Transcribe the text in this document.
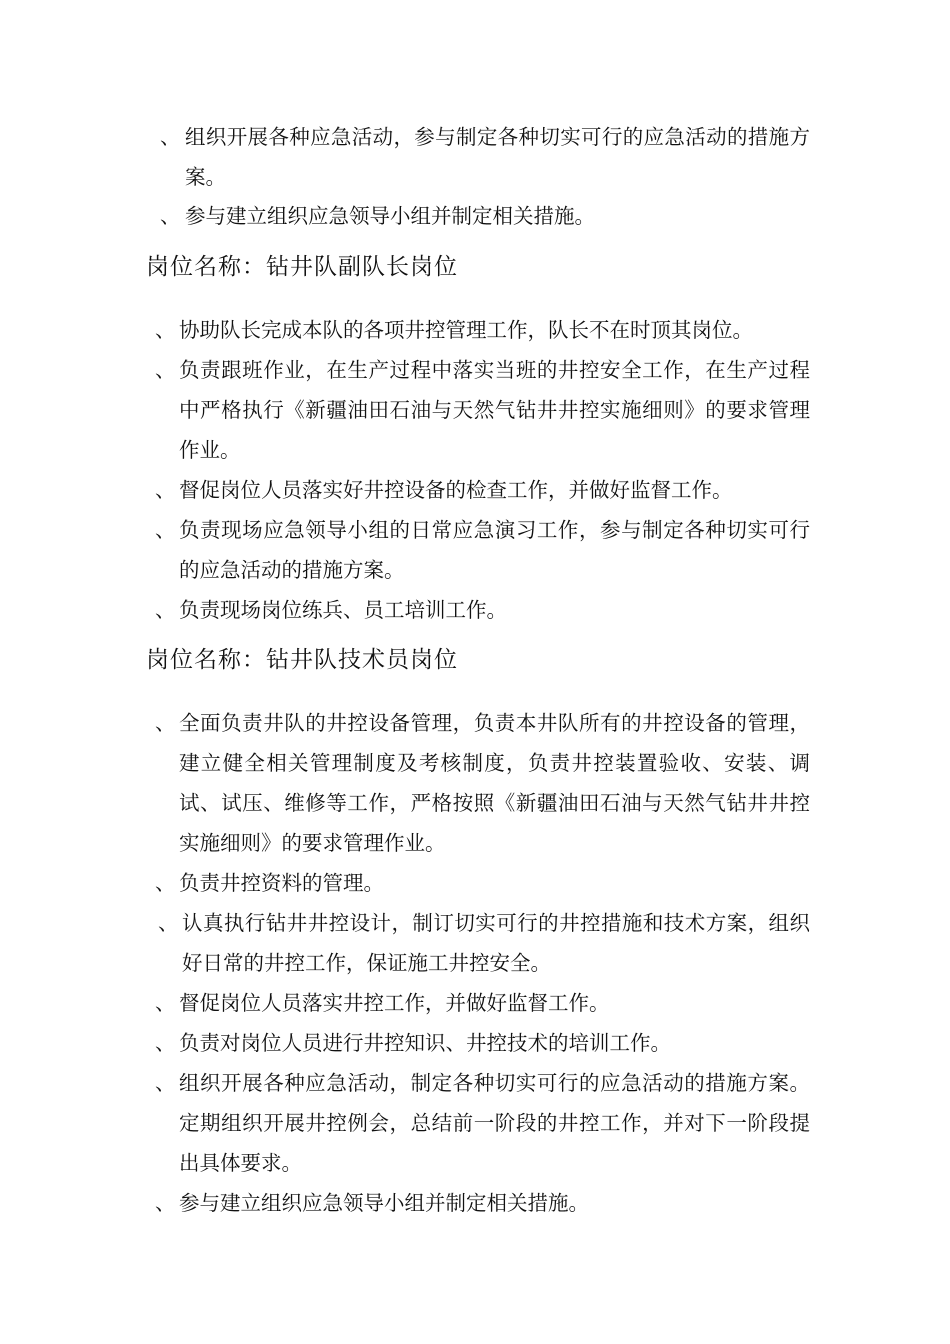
、 组织开展各种应急活动，参与制定各种切实可行的应急活动的措施方案。
、 参与建立组织应急领导小组并制定相关措施。
岗位名称：钻井队副队长岗位
、 协助队长完成本队的各项井控管理工作，队长不在时顶其岗位。
、 负责跟班作业，在生产过程中落实当班的井控安全工作，在生产过程中严格执行《新疆油田石油与天然气钻井井控实施细则》的要求管理作业。
、 督促岗位人员落实好井控设备的检查工作，并做好监督工作。
、 负责现场应急领导小组的日常应急演习工作，参与制定各种切实可行的应急活动的措施方案。
、 负责现场岗位练兵、员工培训工作。
岗位名称：钻井队技术员岗位
、 全面负责井队的井控设备管理，负责本井队所有的井控设备的管理，建立健全相关管理制度及考核制度，负责井控装置验收、安装、调试、试压、维修等工作，严格按照《新疆油田石油与天然气钻井井控实施细则》的要求管理作业。
、 负责井控资料的管理。
、 认真执行钻井井控设计，制订切实可行的井控措施和技术方案，组织好日常的井控工作，保证施工井控安全。
、 督促岗位人员落实井控工作，并做好监督工作。
、 负责对岗位人员进行井控知识、井控技术的培训工作。
、 组织开展各种应急活动，制定各种切实可行的应急活动的措施方案。定期组织开展井控例会，总结前一阶段的井控工作，并对下一阶段提出具体要求。
、 参与建立组织应急领导小组并制定相关措施。
